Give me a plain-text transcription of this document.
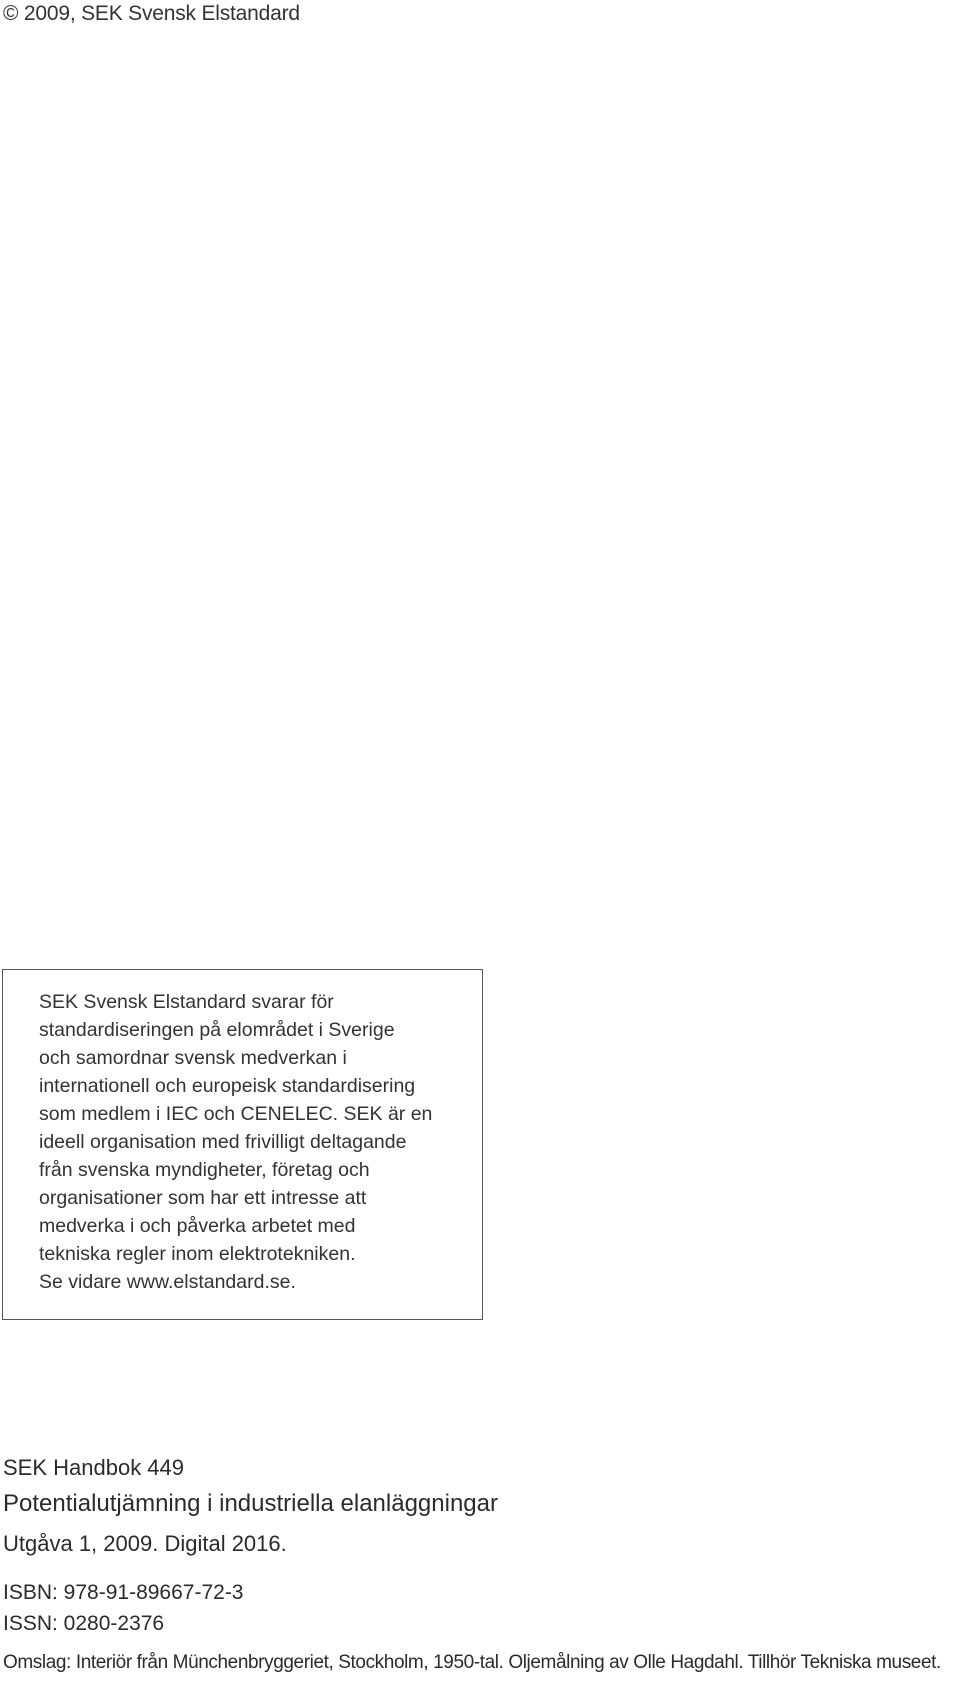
© 2009, SEK Svensk Elstandard
SEK Svensk Elstandard svarar för
standardiseringen på elområdet i Sverige
och samordnar svensk medverkan i
internationell och europeisk standardisering
som medlem i IEC och CENELEC. SEK är en
ideell organisation med frivilligt deltagande
från svenska myndigheter, företag och
organisationer som har ett intresse att
medverka i och påverka arbetet med
tekniska regler inom elektrotekniken.
Se vidare www.elstandard.se.
SEK Handbok 449
Potentialutjämning i industriella elanläggningar
Utgåva 1, 2009. Digital 2016.
ISBN: 978-91-89667-72-3
ISSN: 0280-2376
Omslag: Interiör från Münchenbryggeriet, Stockholm, 1950-tal. Oljemålning av Olle Hagdahl. Tillhör Tekniska museet.
